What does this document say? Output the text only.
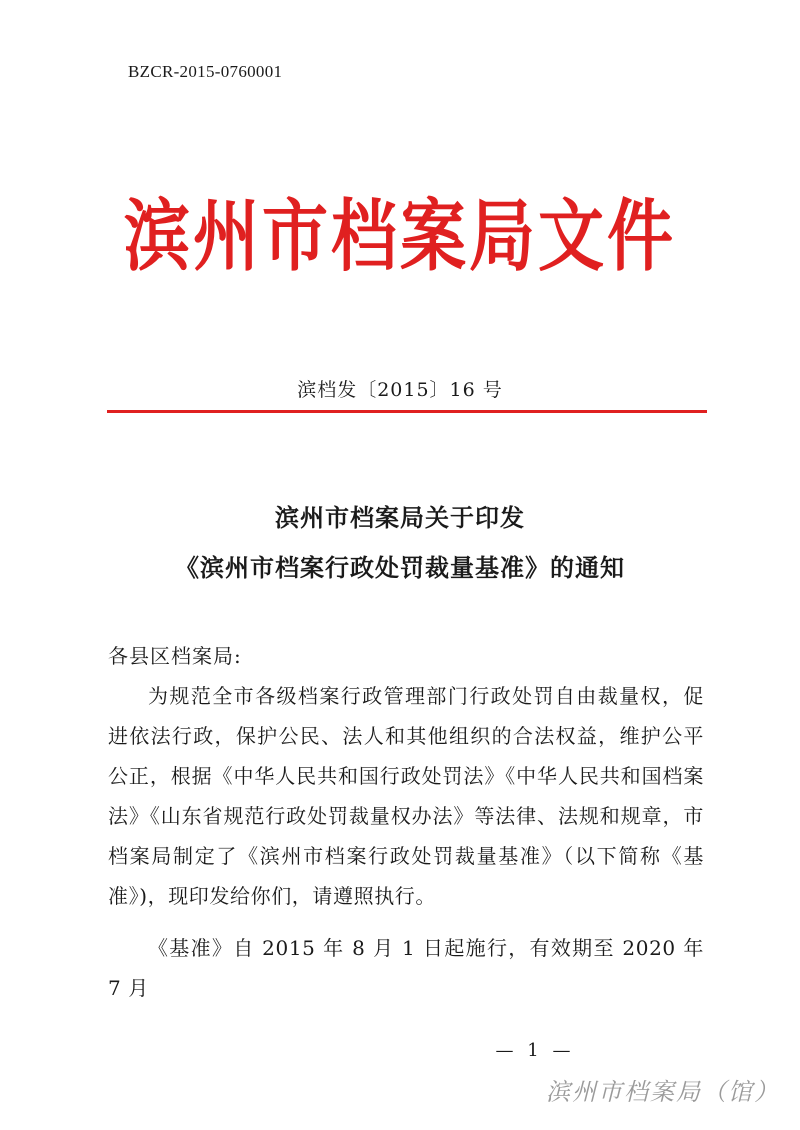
BZCR-2015-0760001
滨州市档案局文件
滨档发〔2015〕16 号
滨州市档案局关于印发
《滨州市档案行政处罚裁量基准》的通知
各县区档案局:
为规范全市各级档案行政管理部门行政处罚自由裁量权，促进依法行政，保护公民、法人和其他组织的合法权益，维护公平公正，根据《中华人民共和国行政处罚法》《中华人民共和国档案法》《山东省规范行政处罚裁量权办法》等法律、法规和规章，市档案局制定了《滨州市档案行政处罚裁量基准》（以下简称《基准》)，现印发给你们，请遵照执行。
《基准》自 2015 年 8 月 1 日起施行，有效期至 2020 年 7 月
— 1 —
滨州市档案局（馆）
